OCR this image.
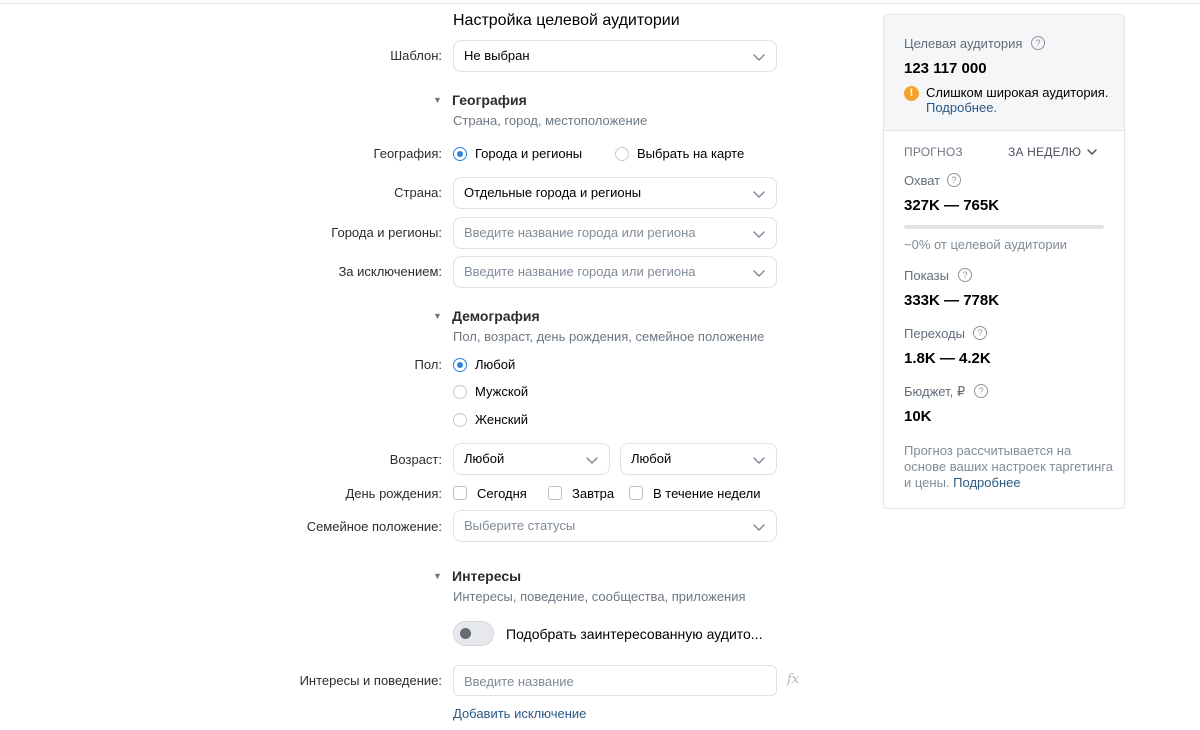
Настройка целевой аудитории
Шаблон: Не выбран
▼ География
Страна, город, местоположение
География:	Города и регионы	Выбрать на карте
Страна: Отдельные города и регионы
Города и регионы: Введите название города или региона
За исключением: Введите название города или региона
▼ Демография
Пол, возраст, день рождения, семейное положение
Пол:	Любой
Мужской
Женский
Возраст: Любой	Любой
День рождения:	Сегодня	Завтра	В течение недели
Семейное положение: Выберите статусы
▼ Интересы
Интересы, поведение, сообщества, приложения
Подобрать заинтересованную аудито...
Интересы и поведение: Введите название	fx
Добавить исключение
Целевая аудитория	?
123 117 000
! Слишком широкая аудитория. Подробнее.
ПРОГНОЗ	ЗА НЕДЕЛЮ
Охват	?
327K — 765K
~0% от целевой аудитории
Показы	?
333K — 778K
Переходы	?
1.8K — 4.2K
Бюджет, ₽	?
10K
Прогноз рассчитывается на основе ваших настроек таргетинга и цены. Подробнее
